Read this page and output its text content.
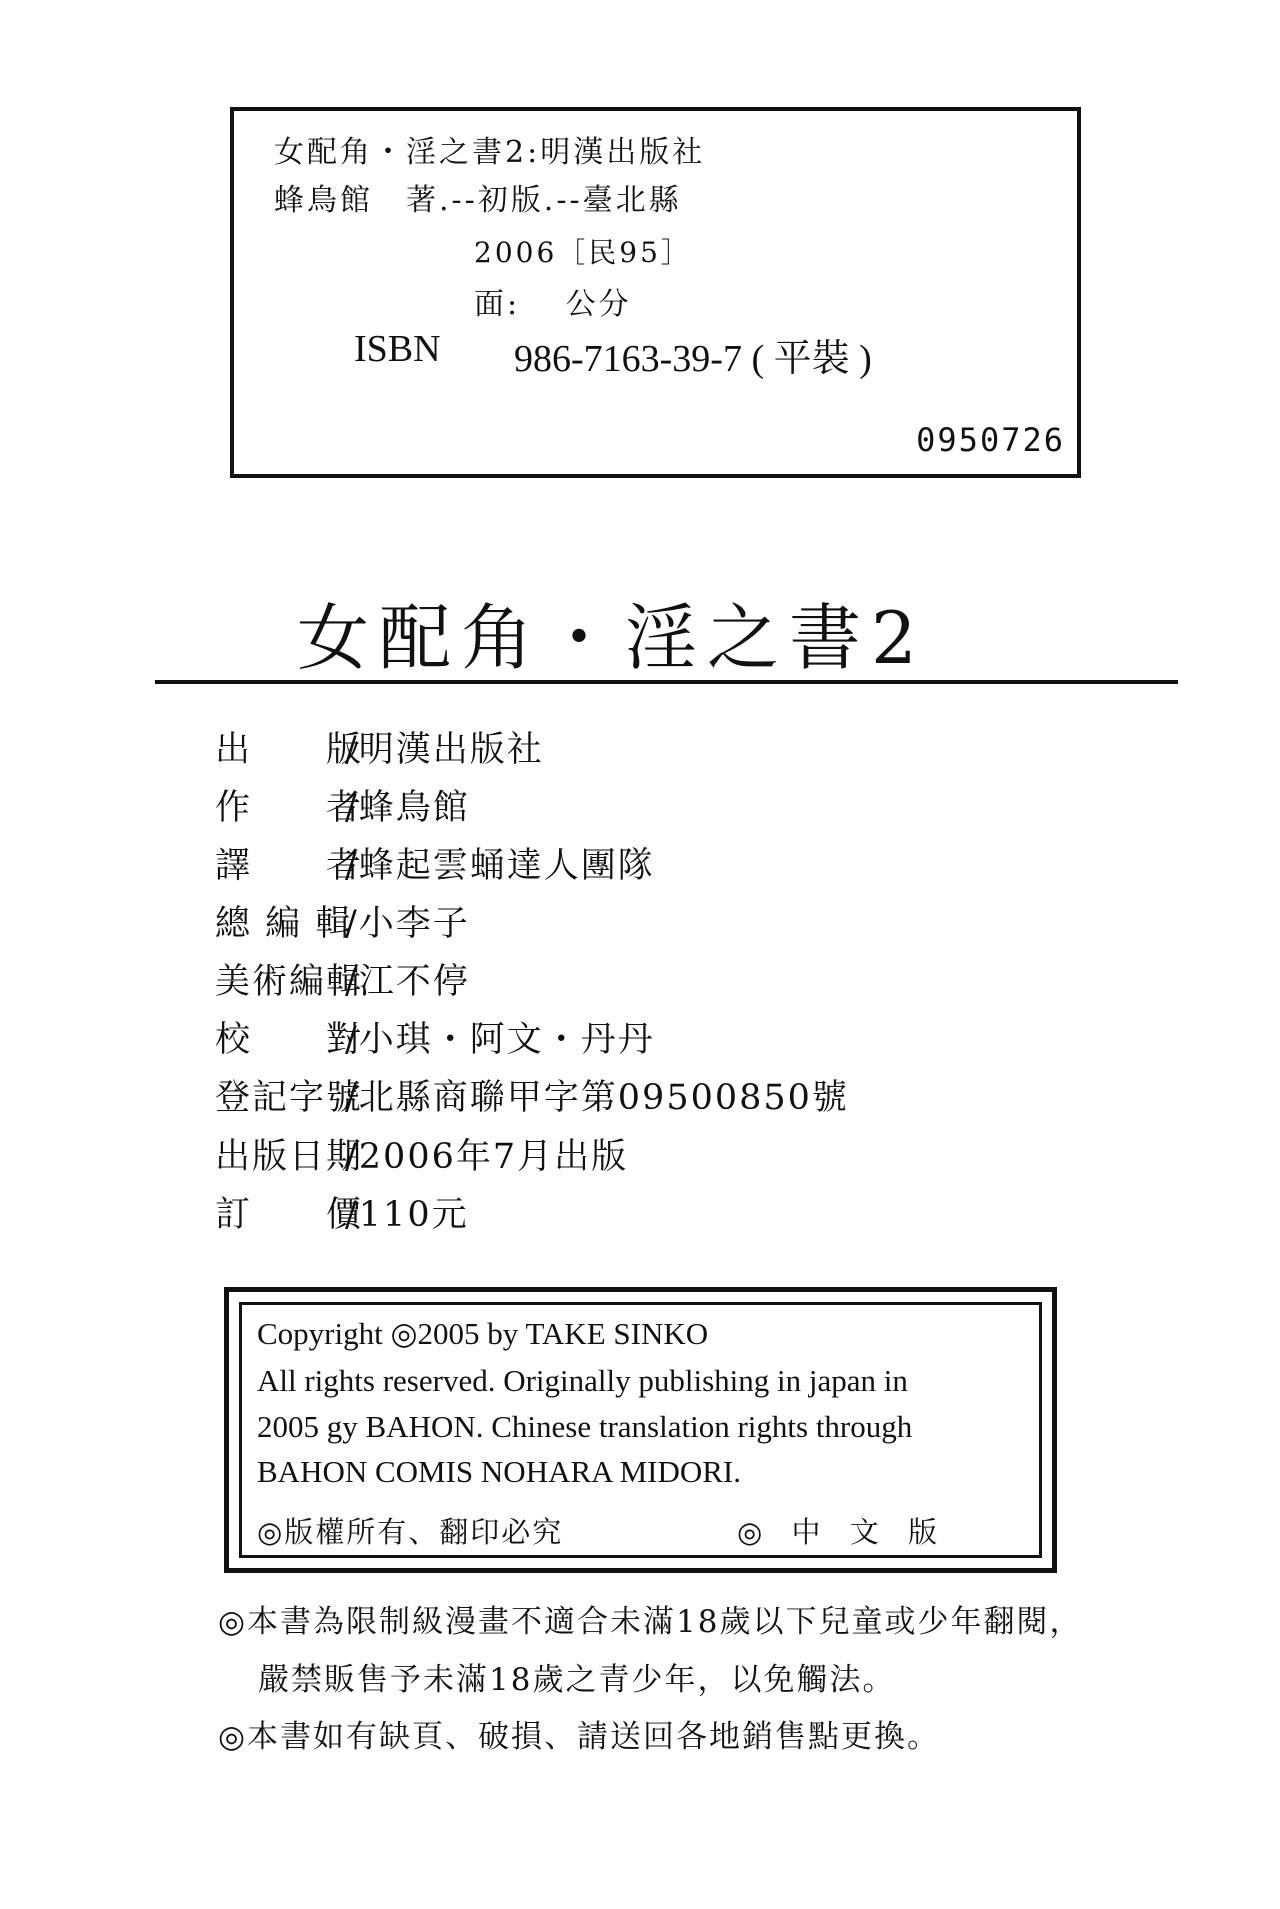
女配角・淫之書2:明漢出版社
蜂鳥館　著.--初版.--臺北縣
2006［民95］
面:　 公分
ISBN 986-7163-39-7 ( 平裝 )
0950726
女配角・淫之書2
出　　版/明漢出版社
作　　者/蜂鳥館
譯　　者/蜂起雲蛹達人團隊
總 編 輯/小李子
美術編輯/江不停
校　　對/小琪・阿文・丹丹
登記字號/北縣商聯甲字第09500850號
出版日期/2006年7月出版
訂　　價/110元
Copyright ◎2005 by TAKE SINKO
All rights reserved. Originally publishing in japan in
2005 gy BAHON. Chinese translation rights through
BAHON COMIS NOHARA MIDORI.
◎版權所有、翻印必究	◎ 中 文 版
◎本書為限制級漫畫不適合未滿18歲以下兒童或少年翻閱，
嚴禁販售予未滿18歲之青少年，以免觸法。
◎本書如有缺頁、破損、請送回各地銷售點更換。
